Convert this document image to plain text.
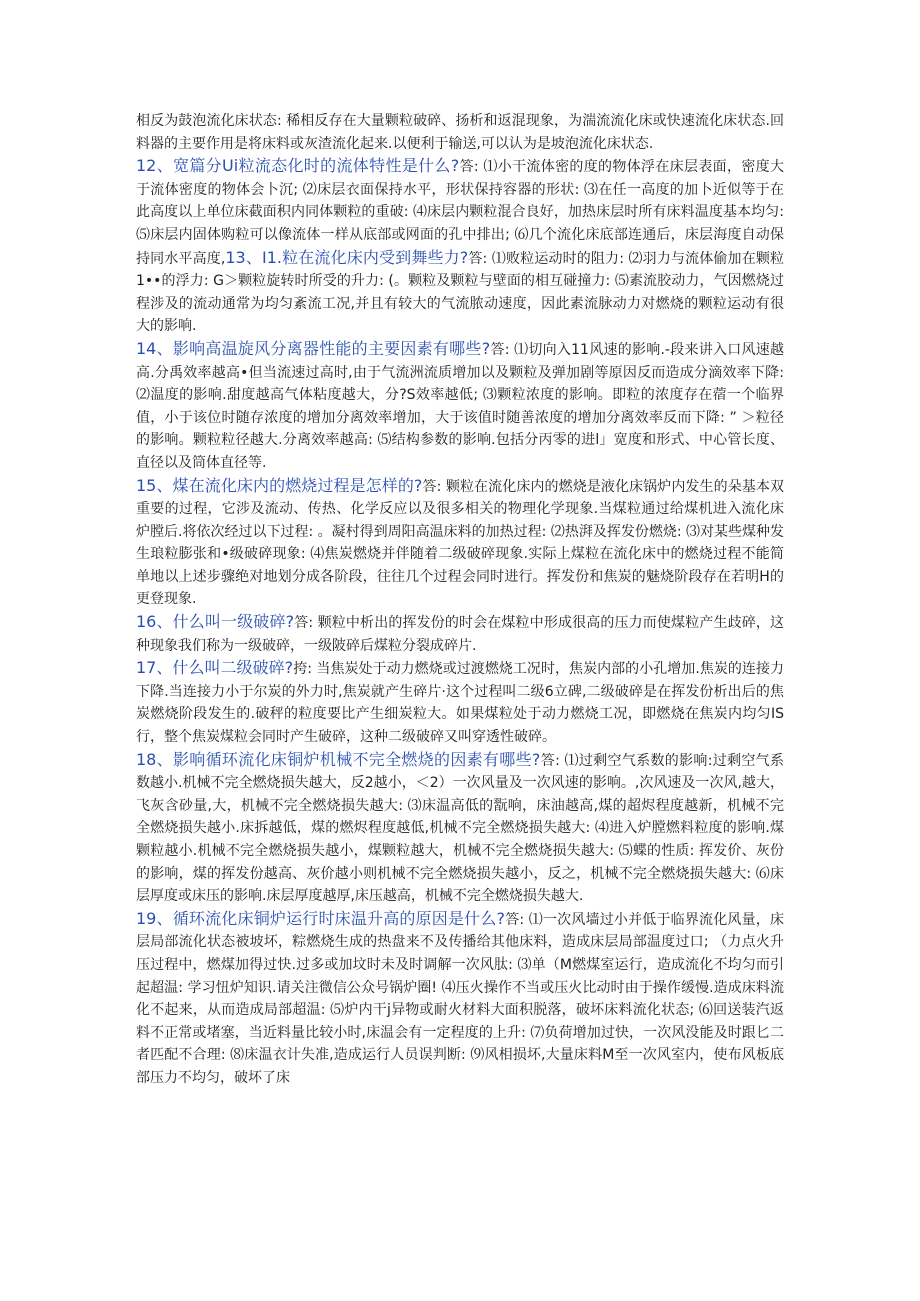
相反为鼓泡流化床状态: 稀相反存在大量颗粒破碎、扬析和返混现象，为湍流流化床或快速流化床状态.回料器的主要作用是将床料或灰渣流化起来.以便利于输送,可以认为是坡泡流化床状态.

12、宽篇分Ui粒流态化时的流体特性是什么?答: ⑴小干流体密的度的物体浮在床层表面，密度大于流体密度的物体会卜沉; ⑵床层衣面保持水平，形状保持容器的形状: ⑶在任一高度的加卜近似等于在此高度以上单位床截面积内同体颗粒的重破: ⑷床层内颗粒混合良好，加热床层时所有床料温度基本均匀: ⑸床层内固体购粒可以像流体一样从底部或网面的孔中排出; ⑹几个流化床底部连通后，床层海度自动保持同水平高度,13、I1.粒在流化床内受到舞些力?答: ⑴败粒运动时的阻力: ⑵羽力与流体偷加在颗粒1••的浮力: G＞颗粒旋转时所受的升力: (。颗粒及颗粒与壁面的相互碰撞力: ⑸素流胶动力，气因燃烧过程涉及的流动通常为均匀紊流工况,并且有较大的气流脓动速度，因此素流脉动力对燃烧的颗粒运动有很大的影响.

14、影响高温旋风分离器性能的主要因素有哪些?答: ⑴切向入11风速的影响.-段来讲入口风速越高.分禹效率越高•但当流速过高时,由于气流洲流质增加以及颗粒及弹加剧等原因反而造成分滴效率下降: ⑵温度的影响.甜度越高气体粘度越大，分?S效率越低; ⑶颗粒浓度的影响。即粒的浓度存在蓿一个临界值，小于该位时随存浓度的增加分离效率增加，大于该值时随善浓度的增加分离效率反而下降: ” ＞粒径的影响。颗粒粒径越大.分离效率越高: ⑸结构参数的影响.包括分丙零的进l」宽度和形式、中心管长度、直径以及筒体直径等.

15、煤在流化床内的燃烧过程是怎样的?答: 颗粒在流化床内的燃烧是液化床锅炉内发生的朵基本双重要的过程，它涉及流动、传热、化学反应以及很多相关的物理化学现象.当煤粒通过给煤机进入流化床炉膛后.将依次经过以下过程: 。凝村得到周阳高温床料的加热过程: ⑵热湃及挥发份燃烧: ⑶对某些煤种发生琅粒膨张和•级破碎现象: ⑷焦炭燃烧并伴随着二级破碎现象.实际上煤粒在流化床中的燃烧过程不能简单地以上述步骤绝对地划分成各阶段，往往几个过程会同时进行。挥发份和焦炭的魅烧阶段存在若明H的更登现象.

16、什么叫一级破碎?答: 颗粒中析出的挥发份的时会在煤粒中形成很高的压力而使煤粒产生歧碎，这种现象我们称为一级破碎，一级陂碎后煤粒分裂成碎片.

17、什么叫二级破碎?挎: 当焦炭处于动力燃烧或过渡燃烧工况时，焦炭内部的小孔增加.焦炭的连接力下降.当连接力小于尔炭的外力时,焦炭就产生碎片·这个过程叫二级6立碑,二级破碎是在挥发份析出后的焦炭燃烧阶段发生的.破秤的粒度要比产生细炭粒大。如果煤粒处于动力燃烧工况，即燃烧在焦炭内均匀IS行，整个焦炭煤粒会同时产生破碎，这种二级破碎又叫穿透性破碎。

18、影响循环流化床铜炉机械不完全燃烧的因素有哪些?答: ⑴过剩空气系数的影响:过剩空气系数越小.机械不完全燃烧损失越大，反2越小，＜2）一次风量及一次风速的影响。,次风速及一次风,越大，飞灰含砂量,大，机械不完全燃烧损失越大: ⑶床温高低的翫响，床油越高,煤的超烬程度越新，机械不完全燃烧损失越小.床拆越低，煤的燃烬程度越低,机械不完全燃烧损失越大: ⑷进入炉膛燃料粒度的影响.煤颗粒越小.机械不完全燃烧损失越小，煤颗粒越大，机械不完全燃烧损失越大: ⑸蝶的性质: 挥发价、灰份的影响，煤的挥发份越高、灰价越小则机械不完全燃烧损失越小，反之，机械不完全燃烧损失越大: ⑹床层厚度或床压的影响.床层厚度越厚,床压越高，机械不完全燃烧损失越大.

19、循环流化床铜炉运行时床温升高的原因是什么?答: ⑴一次风墙过小并低于临界流化风量，床层局部流化状态被坡坏，粽燃烧生成的热盘来不及传播给其他床料，造成床层局部温度过口; （力点火升压过程中，燃煤加得过快.过多或加坟时未及时调解一次风肽: ⑶单（M燃煤室运行，造成流化不均匀而引起超温: 学习忸炉知识.请关注微信公众号锅炉圈! ⑷压火操作不当或压火比动时由于操作缓慢.造成床料流化不起来，从而造成局部超温: ⑸炉内干j异物或耐火材料大面积脱落，破坏床料流化状态; ⑹回送装汽返料不正常或堵塞，当近料量比较小时,床温会有一定程度的上升: ⑺负荷增加过快，一次风没能及时跟匕二者匹配不合理: ⑻床温衣计失准,造成运行人员误判断: ⑼风相损坏,大量床料M至一次风室内，使布风板底部压力不均匀，破坏了床
